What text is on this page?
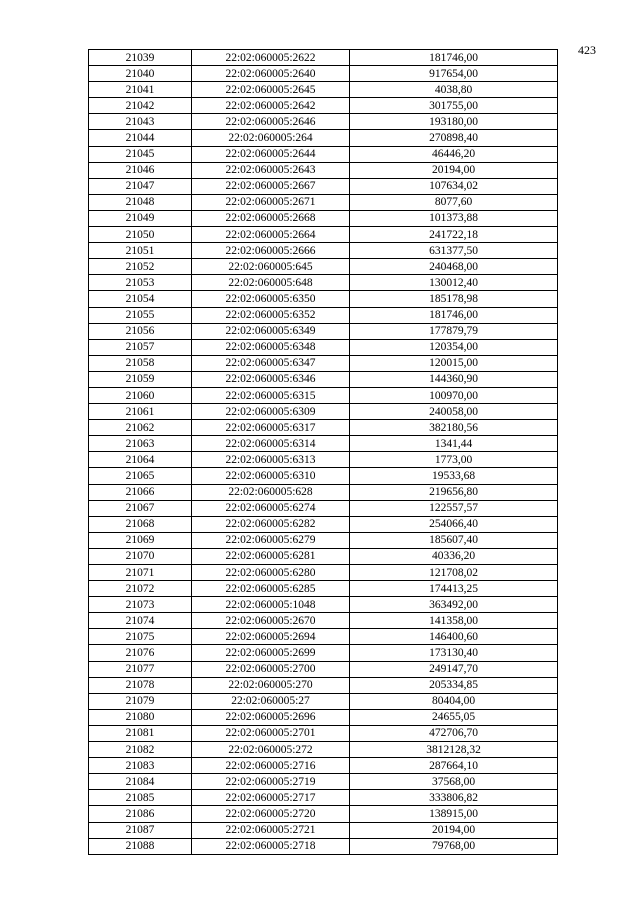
423
21039	22:02:060005:2622	181746,00
21040	22:02:060005:2640	917654,00
21041	22:02:060005:2645	4038,80
21042	22:02:060005:2642	301755,00
21043	22:02:060005:2646	193180,00
21044	22:02:060005:264	270898,40
21045	22:02:060005:2644	46446,20
21046	22:02:060005:2643	20194,00
21047	22:02:060005:2667	107634,02
21048	22:02:060005:2671	8077,60
21049	22:02:060005:2668	101373,88
21050	22:02:060005:2664	241722,18
21051	22:02:060005:2666	631377,50
21052	22:02:060005:645	240468,00
21053	22:02:060005:648	130012,40
21054	22:02:060005:6350	185178,98
21055	22:02:060005:6352	181746,00
21056	22:02:060005:6349	177879,79
21057	22:02:060005:6348	120354,00
21058	22:02:060005:6347	120015,00
21059	22:02:060005:6346	144360,90
21060	22:02:060005:6315	100970,00
21061	22:02:060005:6309	240058,00
21062	22:02:060005:6317	382180,56
21063	22:02:060005:6314	1341,44
21064	22:02:060005:6313	1773,00
21065	22:02:060005:6310	19533,68
21066	22:02:060005:628	219656,80
21067	22:02:060005:6274	122557,57
21068	22:02:060005:6282	254066,40
21069	22:02:060005:6279	185607,40
21070	22:02:060005:6281	40336,20
21071	22:02:060005:6280	121708,02
21072	22:02:060005:6285	174413,25
21073	22:02:060005:1048	363492,00
21074	22:02:060005:2670	141358,00
21075	22:02:060005:2694	146400,60
21076	22:02:060005:2699	173130,40
21077	22:02:060005:2700	249147,70
21078	22:02:060005:270	205334,85
21079	22:02:060005:27	80404,00
21080	22:02:060005:2696	24655,05
21081	22:02:060005:2701	472706,70
21082	22:02:060005:272	3812128,32
21083	22:02:060005:2716	287664,10
21084	22:02:060005:2719	37568,00
21085	22:02:060005:2717	333806,82
21086	22:02:060005:2720	138915,00
21087	22:02:060005:2721	20194,00
21088	22:02:060005:2718	79768,00
